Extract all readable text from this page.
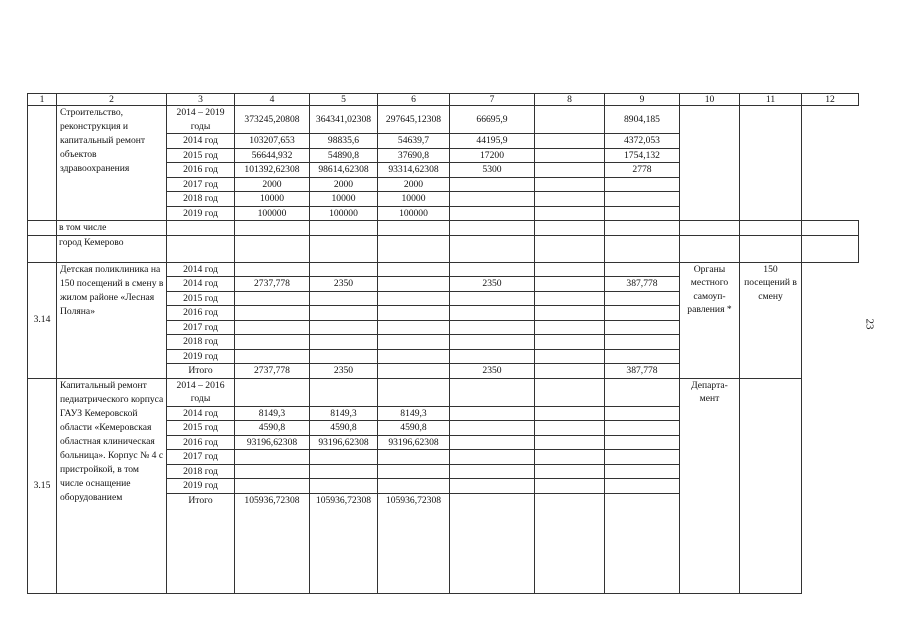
1	2	3	4	5	6	7	8	9	10	11	12
	Строительство, реконструкция и капитальный ремонт объектов здравоохранения	2014 – 2019 годы	373245,20808	364341,02308	297645,12308	66695,9		8904,185			
		2014 год	103207,653	98835,6	54639,7	44195,9		4372,053			
		2015 год	56644,932	54890,8	37690,8	17200		1754,132			
		2016 год	101392,62308	98614,62308	93314,62308	5300		2778			
		2017 год	2000	2000	2000						
		2018 год	10000	10000	10000						
		2019 год	100000	100000	100000						
	в том числе										
	город Кемерово										
3.14	Детская поликлиника на 150 посещений в смену в жилом районе «Лесная Поляна»	2014 год							Органы местного самоуп-равления *	150 посещений в смену	
		2014 год	2737,778	2350		2350		387,778			
		2015 год									
		2016 год									
		2017 год									
		2018 год									
		2019 год									
		Итого	2737,778	2350		2350		387,778			
3.15	Капитальный ремонт педиатрического корпуса ГАУЗ Кемеровской области «Кемеровская областная клиническая больница». Корпус № 4 с пристройкой, в том числе оснащение оборудованием	2014 – 2016 годы							Департа-мент		
		2014 год	8149,3	8149,3	8149,3						
		2015 год	4590,8	4590,8	4590,8						
		2016 год	93196,62308	93196,62308	93196,62308						
		2017 год									
		2018 год									
		2019 год									
		Итого	105936,72308	105936,72308	105936,72308						
23
